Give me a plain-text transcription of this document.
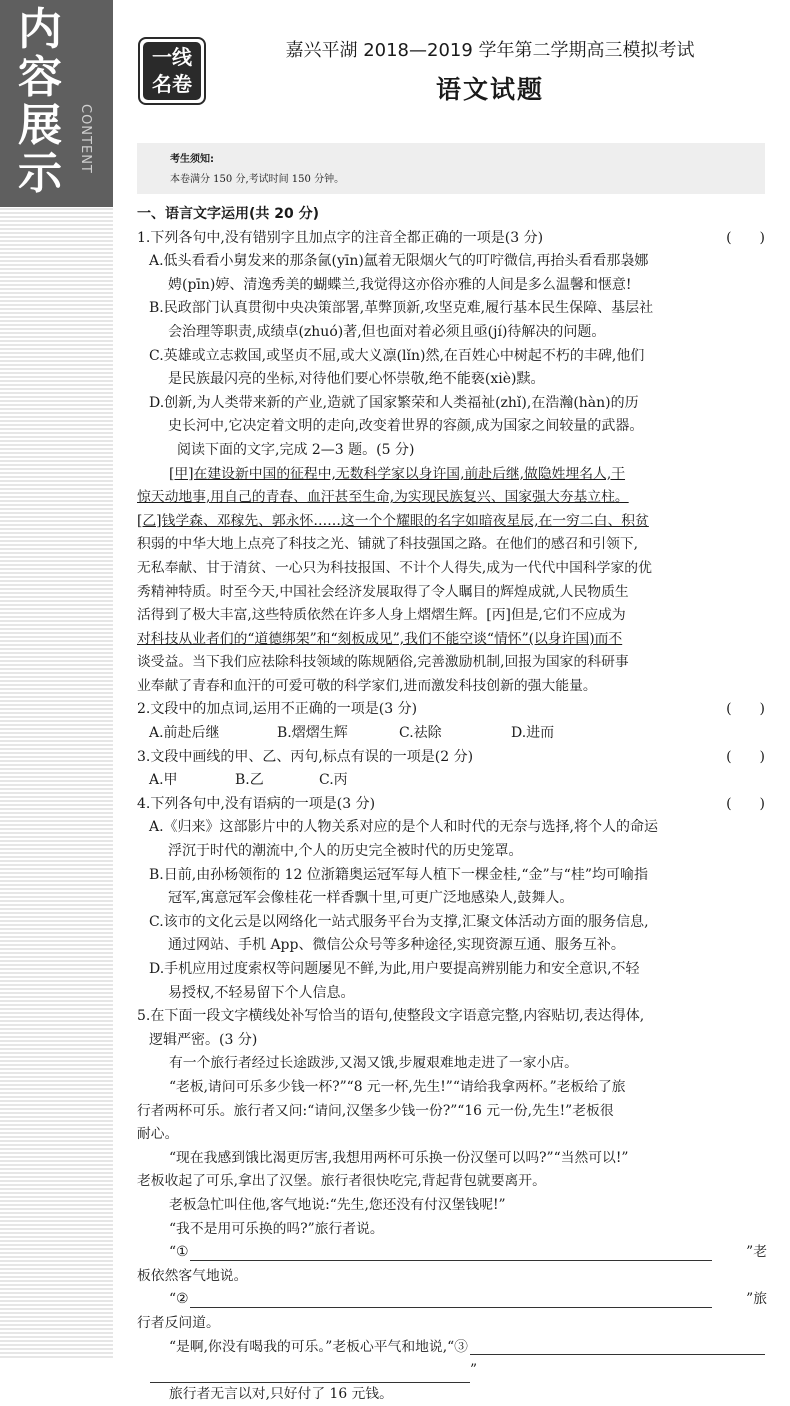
内
容
展
示	CONTENT
一线
名卷
嘉兴平湖 2018—2019 学年第二学期高三模拟考试
语文试题
考生须知:
本卷满分 150 分,考试时间 150 分钟。

一、语言文字运用(共 20 分)

1.下列各句中,没有错别字且加点字的注音全都正确的一项是(3 分)	(　　)

A.低头看看小舅发来的那条氤(yīn)氲着无限烟火气的叮咛微信,再抬头看看那袅娜

娉(pīn)婷、清逸秀美的蝴蝶兰,我觉得这亦俗亦雅的人间是多么温馨和惬意!

B.民政部门认真贯彻中央决策部署,革弊顶新,攻坚克难,履行基本民生保障、基层社

会治理等职责,成绩卓(zhuó)著,但也面对着必须且亟(jí)待解决的问题。

C.英雄或立志救国,或坚贞不屈,或大义凛(lǐn)然,在百姓心中树起不朽的丰碑,他们

是民族最闪亮的坐标,对待他们要心怀崇敬,绝不能亵(xiè)黩。

D.创新,为人类带来新的产业,造就了国家繁荣和人类福祉(zhǐ),在浩瀚(hàn)的历

史长河中,它决定着文明的走向,改变着世界的容颜,成为国家之间较量的武器。

阅读下面的文字,完成 2—3 题。(5 分)

[甲]在建设新中国的征程中,无数科学家以身许国,前赴后继,做隐姓埋名人,干

惊天动地事,用自己的青春、血汗甚至生命,为实现民族复兴、国家强大夯基立柱。

[乙]钱学森、邓稼先、郭永怀……这一个个耀眼的名字如暗夜星辰,在一穷二白、积贫

积弱的中华大地上点亮了科技之光、铺就了科技强国之路。在他们的感召和引领下,

无私奉献、甘于清贫、一心只为科技报国、不计个人得失,成为一代代中国科学家的优

秀精神特质。时至今天,中国社会经济发展取得了令人瞩目的辉煌成就,人民物质生

活得到了极大丰富,这些特质依然在许多人身上熠熠生辉。[丙]但是,它们不应成为

对科技从业者们的“道德绑架”和“刻板成见”,我们不能空谈“情怀”(以身许国)而不

谈受益。当下我们应祛除科技领域的陈规陋俗,完善激励机制,回报为国家的科研事

业奉献了青春和血汗的可爱可敬的科学家们,进而激发科技创新的强大能量。

2.文段中的加点词,运用不正确的一项是(3 分)	(　　)

A.前赴后继	B.熠熠生辉	C.祛除	D.进而

3.文段中画线的甲、乙、丙句,标点有误的一项是(2 分)	(　　)

A.甲	B.乙	C.丙

4.下列各句中,没有语病的一项是(3 分)	(　　)

A.《归来》这部影片中的人物关系对应的是个人和时代的无奈与选择,将个人的命运

浮沉于时代的潮流中,个人的历史完全被时代的历史笼罩。

B.日前,由孙杨领衔的 12 位浙籍奥运冠军每人植下一棵金桂,“金”与“桂”均可喻指

冠军,寓意冠军会像桂花一样香飘十里,可更广泛地感染人,鼓舞人。

C.该市的文化云是以网络化一站式服务平台为支撑,汇聚文体活动方面的服务信息,

通过网站、手机 App、微信公众号等多种途径,实现资源互通、服务互补。

D.手机应用过度索权等问题屡见不鲜,为此,用户要提高辨别能力和安全意识,不轻

易授权,不轻易留下个人信息。

5.在下面一段文字横线处补写恰当的语句,使整段文字语意完整,内容贴切,表达得体,

逻辑严密。(3 分)

有一个旅行者经过长途跋涉,又渴又饿,步履艰难地走进了一家小店。

“老板,请问可乐多少钱一杯?”“8 元一杯,先生!”“请给我拿两杯。”老板给了旅

行者两杯可乐。旅行者又问:“请问,汉堡多少钱一份?”“16 元一份,先生!”老板很

耐心。

“现在我感到饿比渴更厉害,我想用两杯可乐换一份汉堡可以吗?”“当然可以!”

老板收起了可乐,拿出了汉堡。旅行者很快吃完,背起背包就要离开。

老板急忙叫住他,客气地说:“先生,您还没有付汉堡钱呢!”

“我不是用可乐换的吗?”旅行者说。

“①	”老

板依然客气地说。

“②	”旅

行者反问道。

“是啊,你没有喝我的可乐。”老板心平气和地说,“③
”

旅行者无言以对,只好付了 16 元钱。
